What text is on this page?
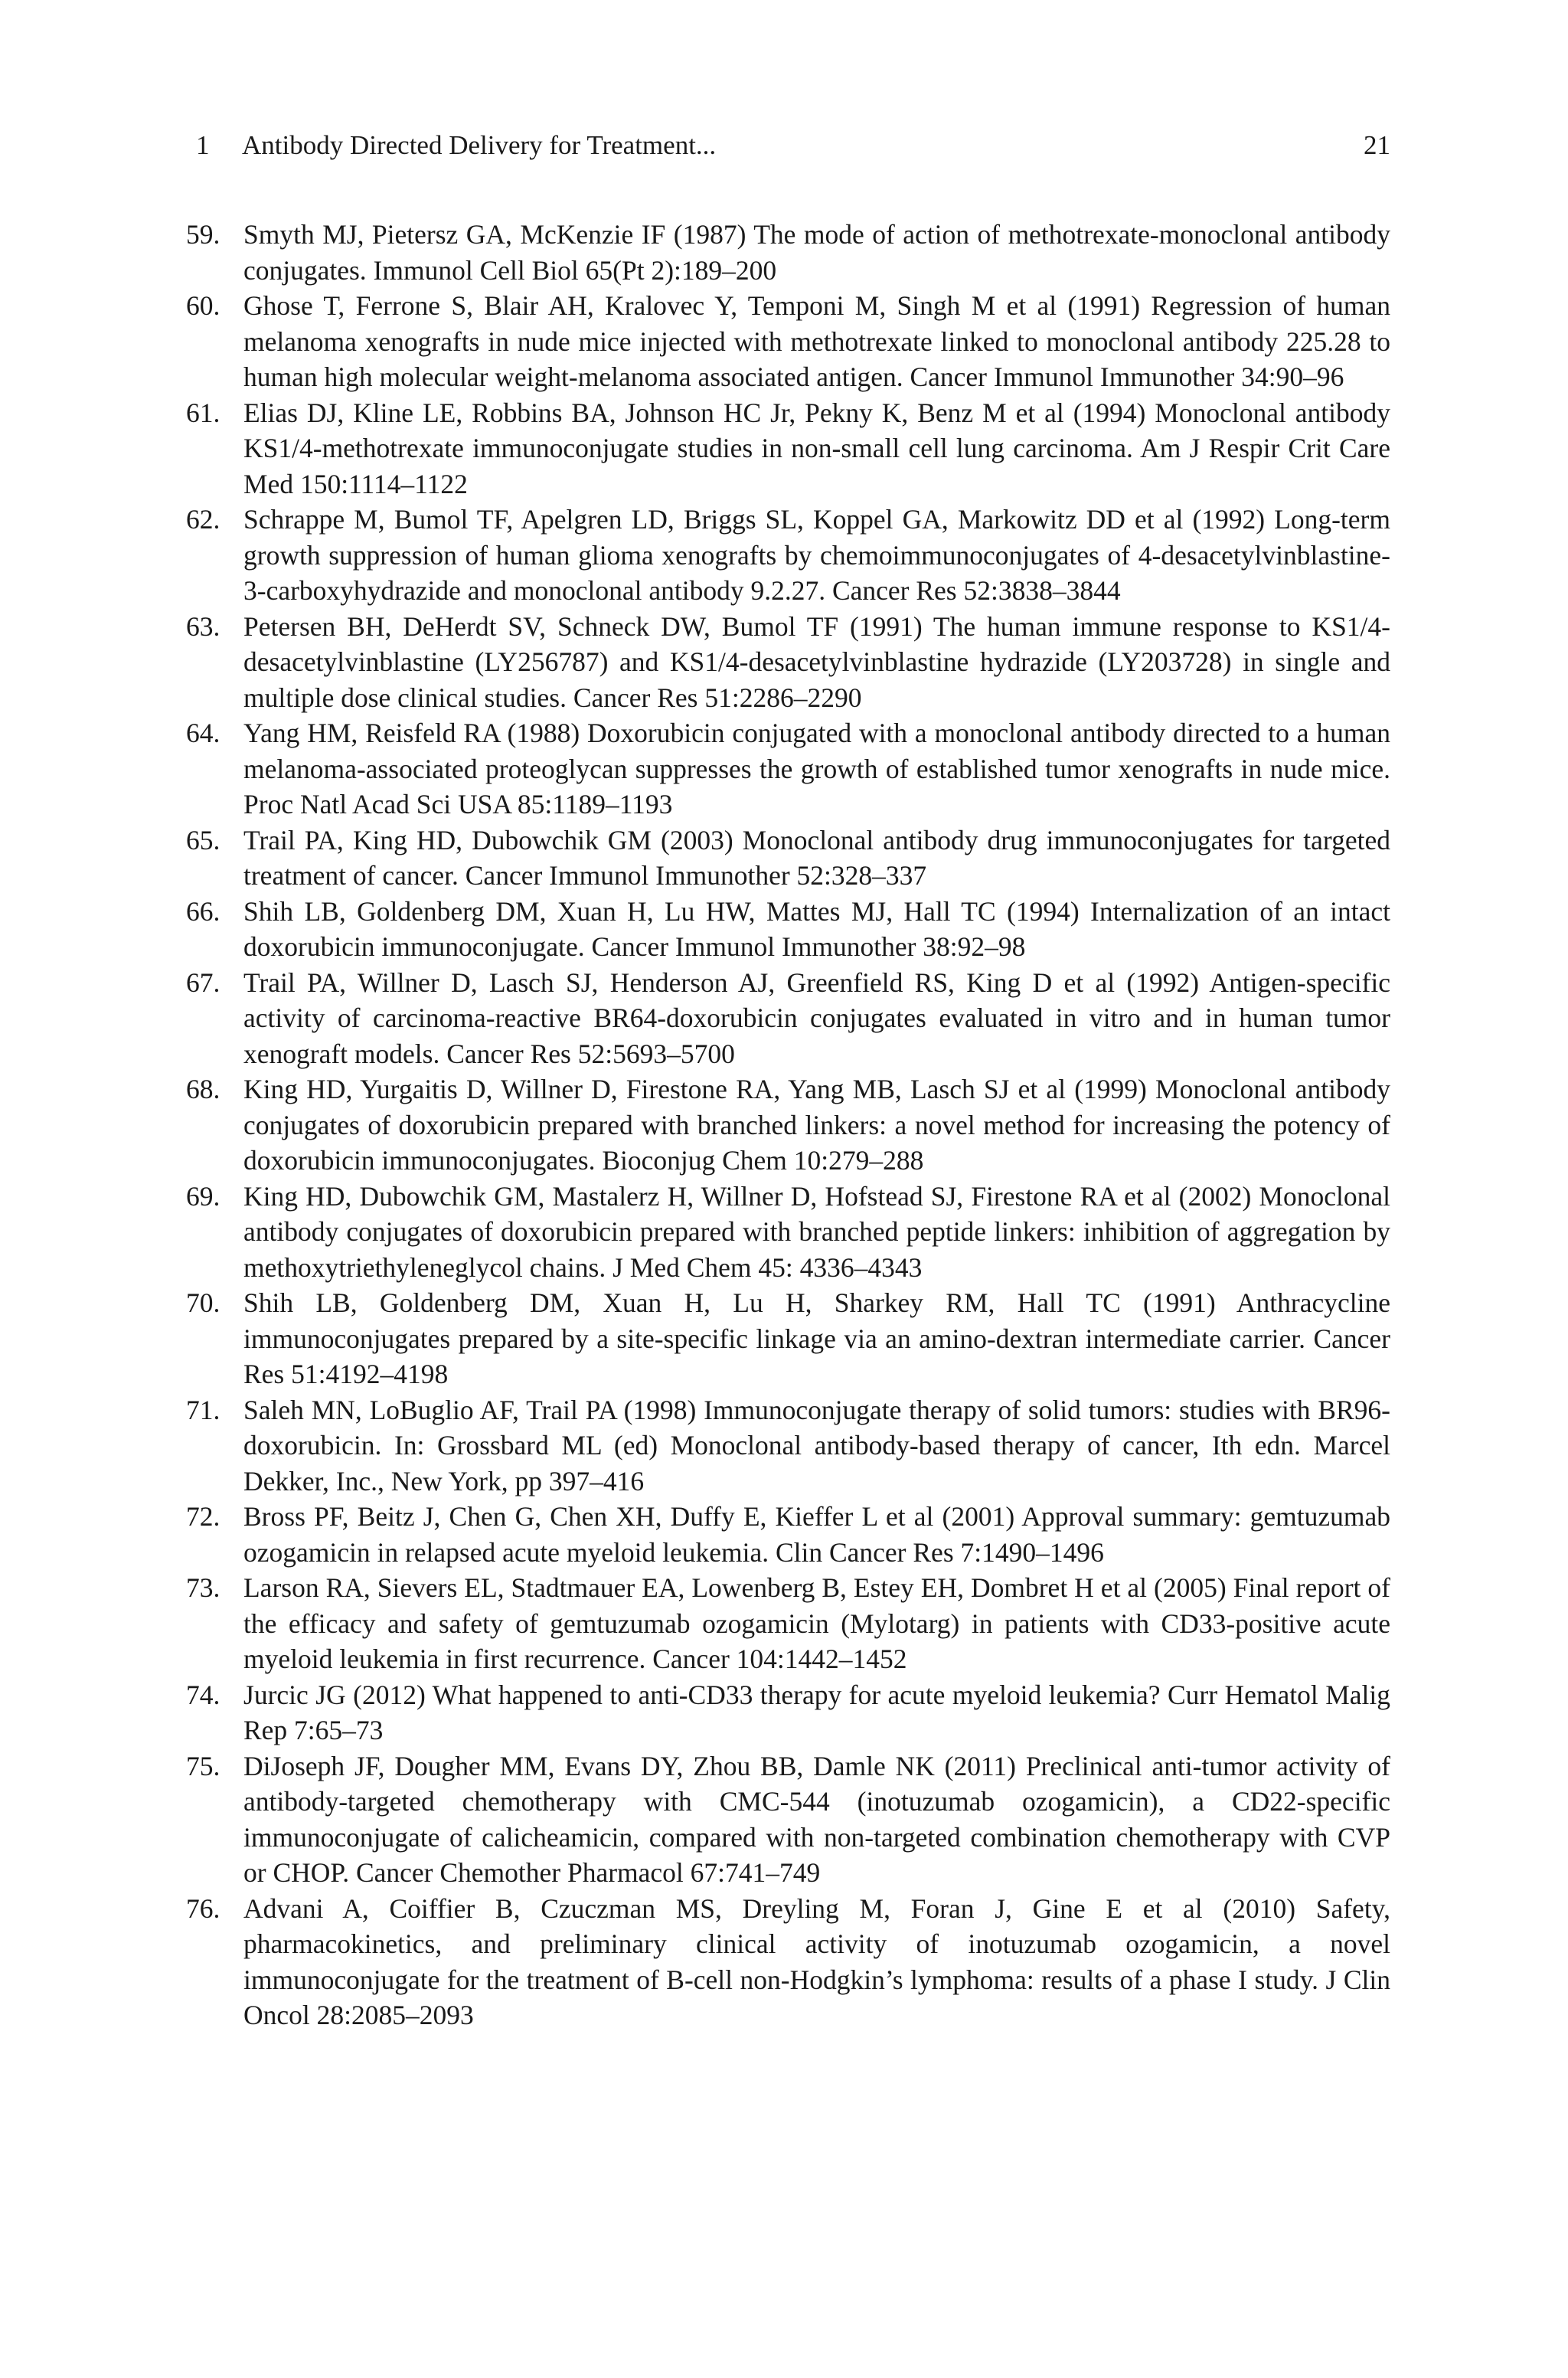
1 Antibody Directed Delivery for Treatment...	21
59. Smyth MJ, Pietersz GA, McKenzie IF (1987) The mode of action of methotrexate-monoclonal antibody conjugates. Immunol Cell Biol 65(Pt 2):189–200
60. Ghose T, Ferrone S, Blair AH, Kralovec Y, Temponi M, Singh M et al (1991) Regression of human melanoma xenografts in nude mice injected with methotrexate linked to monoclonal antibody 225.28 to human high molecular weight-melanoma associated antigen. Cancer Immunol Immunother 34:90–96
61. Elias DJ, Kline LE, Robbins BA, Johnson HC Jr, Pekny K, Benz M et al (1994) Monoclonal antibody KS1/4-methotrexate immunoconjugate studies in non-small cell lung carcinoma. Am J Respir Crit Care Med 150:1114–1122
62. Schrappe M, Bumol TF, Apelgren LD, Briggs SL, Koppel GA, Markowitz DD et al (1992) Long-term growth suppression of human glioma xenografts by chemoimmunoconjugates of 4-desacetylvinblastine-3-carboxyhydrazide and monoclonal antibody 9.2.27. Cancer Res 52:3838–3844
63. Petersen BH, DeHerdt SV, Schneck DW, Bumol TF (1991) The human immune response to KS1/4-desacetylvinblastine (LY256787) and KS1/4-desacetylvinblastine hydrazide (LY203728) in single and multiple dose clinical studies. Cancer Res 51:2286–2290
64. Yang HM, Reisfeld RA (1988) Doxorubicin conjugated with a monoclonal antibody directed to a human melanoma-associated proteoglycan suppresses the growth of established tumor xenografts in nude mice. Proc Natl Acad Sci USA 85:1189–1193
65. Trail PA, King HD, Dubowchik GM (2003) Monoclonal antibody drug immunoconjugates for targeted treatment of cancer. Cancer Immunol Immunother 52:328–337
66. Shih LB, Goldenberg DM, Xuan H, Lu HW, Mattes MJ, Hall TC (1994) Internalization of an intact doxorubicin immunoconjugate. Cancer Immunol Immunother 38:92–98
67. Trail PA, Willner D, Lasch SJ, Henderson AJ, Greenfield RS, King D et al (1992) Antigen-specific activity of carcinoma-reactive BR64-doxorubicin conjugates evaluated in vitro and in human tumor xenograft models. Cancer Res 52:5693–5700
68. King HD, Yurgaitis D, Willner D, Firestone RA, Yang MB, Lasch SJ et al (1999) Monoclonal antibody conjugates of doxorubicin prepared with branched linkers: a novel method for increasing the potency of doxorubicin immunoconjugates. Bioconjug Chem 10:279–288
69. King HD, Dubowchik GM, Mastalerz H, Willner D, Hofstead SJ, Firestone RA et al (2002) Monoclonal antibody conjugates of doxorubicin prepared with branched peptide linkers: inhibition of aggregation by methoxytriethyleneglycol chains. J Med Chem 45: 4336–4343
70. Shih LB, Goldenberg DM, Xuan H, Lu H, Sharkey RM, Hall TC (1991) Anthracycline immunoconjugates prepared by a site-specific linkage via an amino-dextran intermediate carrier. Cancer Res 51:4192–4198
71. Saleh MN, LoBuglio AF, Trail PA (1998) Immunoconjugate therapy of solid tumors: studies with BR96-doxorubicin. In: Grossbard ML (ed) Monoclonal antibody-based therapy of cancer, Ith edn. Marcel Dekker, Inc., New York, pp 397–416
72. Bross PF, Beitz J, Chen G, Chen XH, Duffy E, Kieffer L et al (2001) Approval summary: gemtuzumab ozogamicin in relapsed acute myeloid leukemia. Clin Cancer Res 7:1490–1496
73. Larson RA, Sievers EL, Stadtmauer EA, Lowenberg B, Estey EH, Dombret H et al (2005) Final report of the efficacy and safety of gemtuzumab ozogamicin (Mylotarg) in patients with CD33-positive acute myeloid leukemia in first recurrence. Cancer 104:1442–1452
74. Jurcic JG (2012) What happened to anti-CD33 therapy for acute myeloid leukemia? Curr Hematol Malig Rep 7:65–73
75. DiJoseph JF, Dougher MM, Evans DY, Zhou BB, Damle NK (2011) Preclinical anti-tumor activity of antibody-targeted chemotherapy with CMC-544 (inotuzumab ozogamicin), a CD22-specific immunoconjugate of calicheamicin, compared with non-targeted combination chemotherapy with CVP or CHOP. Cancer Chemother Pharmacol 67:741–749
76. Advani A, Coiffier B, Czuczman MS, Dreyling M, Foran J, Gine E et al (2010) Safety, pharmacokinetics, and preliminary clinical activity of inotuzumab ozogamicin, a novel immunoconjugate for the treatment of B-cell non-Hodgkin’s lymphoma: results of a phase I study. J Clin Oncol 28:2085–2093
